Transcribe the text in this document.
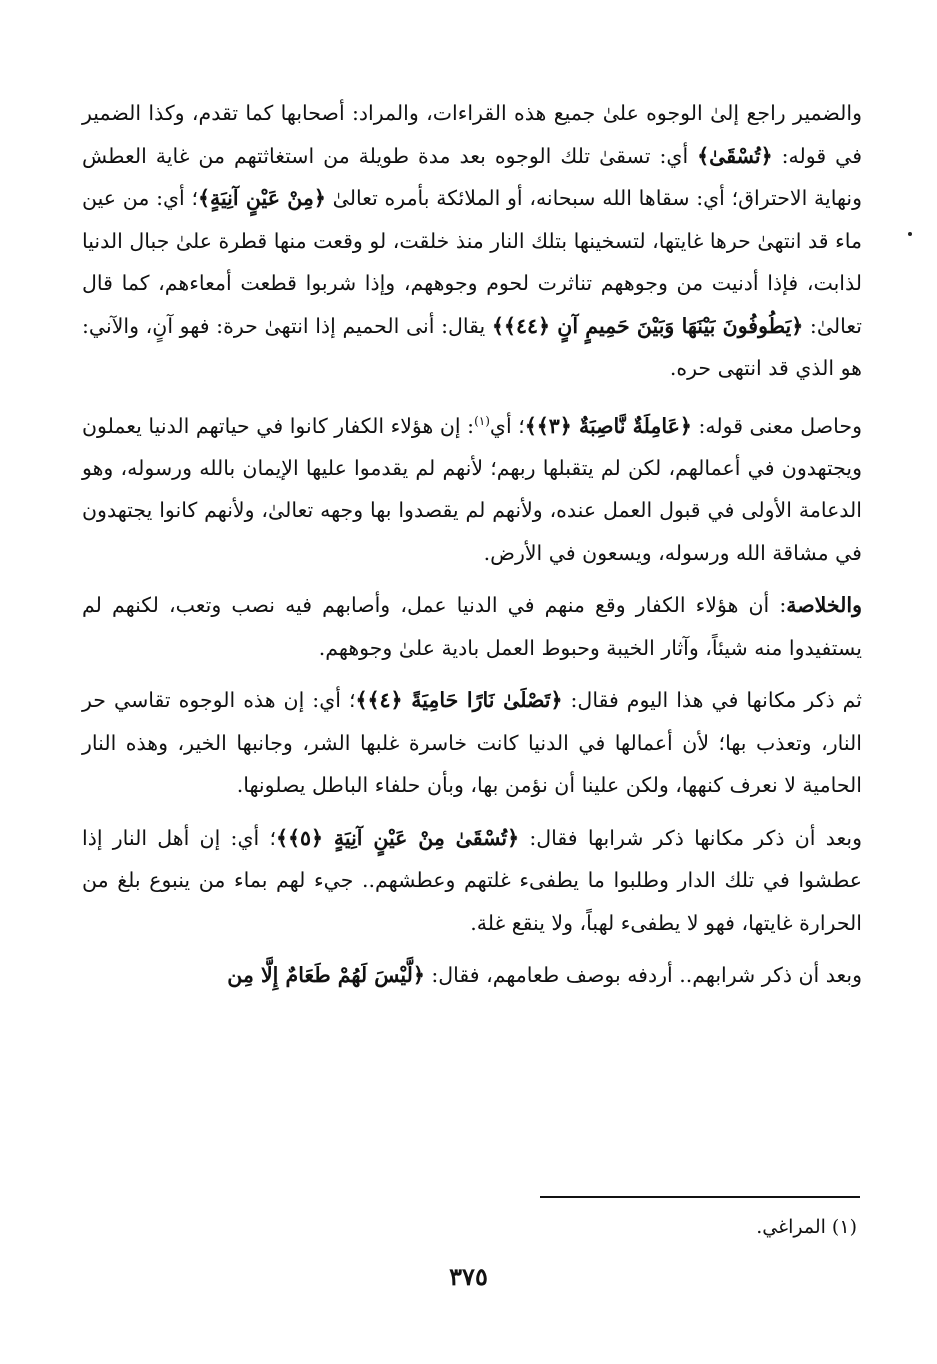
والضمير راجع إلىٰ الوجوه علىٰ جميع هذه القراءات، والمراد: أصحابها كما تقدم، وكذا الضمير في قوله: ﴿تُسْقَىٰ﴾ أي: تسقىٰ تلك الوجوه بعد مدة طويلة من استغاثتهم من غاية العطش ونهاية الاحتراق؛ أي: سقاها الله سبحانه، أو الملائكة بأمره تعالىٰ ﴿مِنْ عَيْنٍ آنِيَةٍ﴾؛ أي: من عين ماء قد انتهىٰ حرها غايتها، لتسخينها بتلك النار منذ خلقت، لو وقعت منها قطرة علىٰ جبال الدنيا لذابت، فإذا أدنيت من وجوههم تناثرت لحوم وجوههم، وإذا شربوا قطعت أمعاءهم، كما قال تعالىٰ: ﴿يَطُوفُونَ بَيْنَهَا وَبَيْنَ حَمِيمٍ آنٍ ﴿٤٤﴾﴾ يقال: أنى الحميم إذا انتهىٰ حرة: فهو آنٍ، والآني: هو الذي قد انتهى حره.

وحاصل معنى قوله: ﴿عَامِلَةٌ نَّاصِبَةٌ ﴿٣﴾﴾؛ أي$^{(١)}$: إن هؤلاء الكفار كانوا في حياتهم الدنيا يعملون ويجتهدون في أعمالهم، لكن لم يتقبلها ربهم؛ لأنهم لم يقدموا عليها الإيمان بالله ورسوله، وهو الدعامة الأولى في قبول العمل عنده، ولأنهم لم يقصدوا بها وجهه تعالىٰ، ولأنهم كانوا يجتهدون في مشاقة الله ورسوله، ويسعون في الأرض.

والخلاصة: أن هؤلاء الكفار وقع منهم في الدنيا عمل، وأصابهم فيه نصب وتعب، لكنهم لم يستفيدوا منه شيئاً، وآثار الخيبة وحبوط العمل بادية علىٰ وجوههم.

ثم ذكر مكانها في هذا اليوم فقال: ﴿تَصْلَىٰ نَارًا حَامِيَةً ﴿٤﴾﴾؛ أي: إن هذه الوجوه تقاسي حر النار، وتعذب بها؛ لأن أعمالها في الدنيا كانت خاسرة غلبها الشر، وجانبها الخير، وهذه النار الحامية لا نعرف كنهها، ولكن علينا أن نؤمن بها، وبأن حلفاء الباطل يصلونها.

وبعد أن ذكر مكانها ذكر شرابها فقال: ﴿تُسْقَىٰ مِنْ عَيْنٍ آنِيَةٍ ﴿٥﴾﴾؛ أي: إن أهل النار إذا عطشوا في تلك الدار وطلبوا ما يطفىء غلتهم وعطشهم.. جيء لهم بماء من ينبوع بلغ من الحرارة غايتها، فهو لا يطفىء لهباً، ولا ينقع غلة.

وبعد أن ذكر شرابهم.. أردفه بوصف طعامهم، فقال: ﴿لَّيْسَ لَهُمْ طَعَامٌ إِلَّا مِن

(١) المراغي.
٣٧٥
